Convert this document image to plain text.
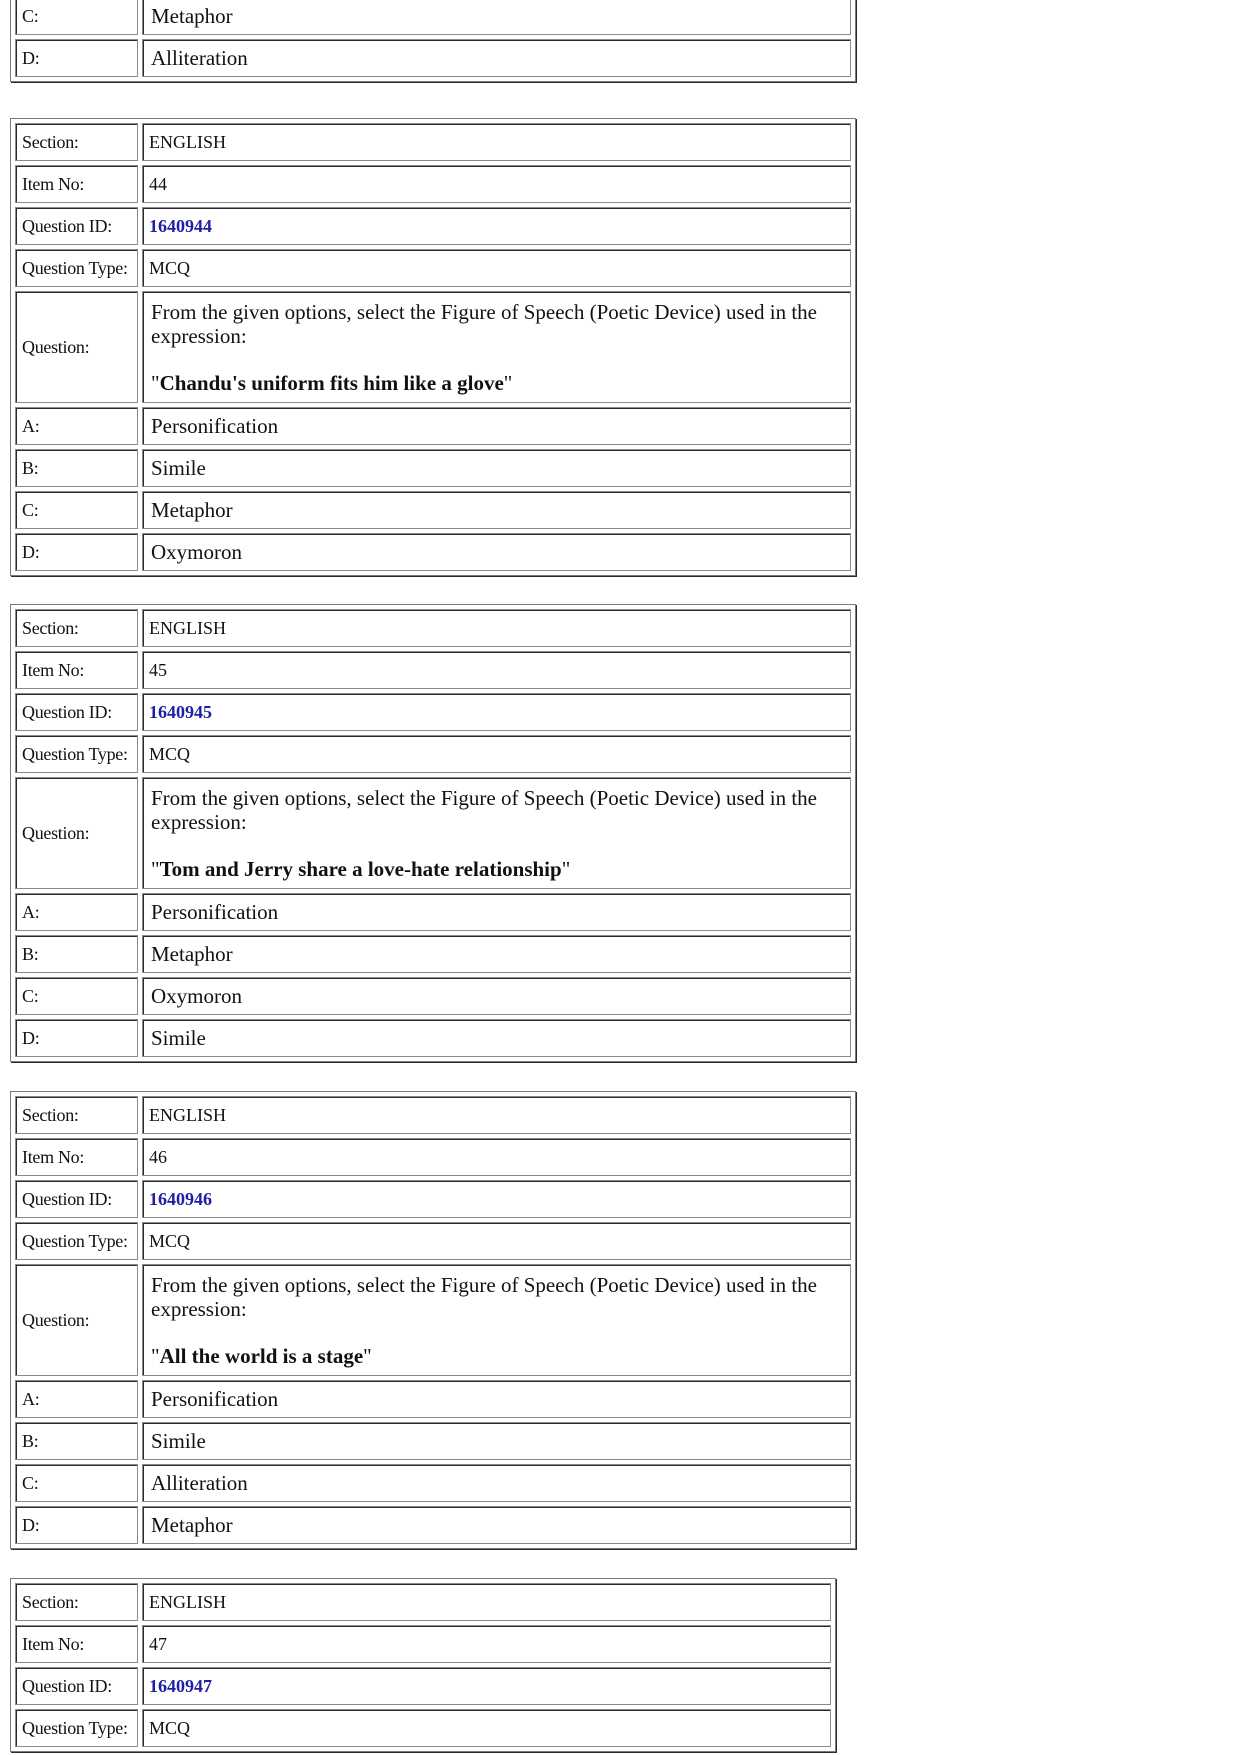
C:	Metaphor
D:	Alliteration
Section:	ENGLISH
Item No:	44
Question ID:	1640944
Question Type:	MCQ
Question:	From the given options, select the Figure of Speech (Poetic Device) used in the expression:
"Chandu's uniform fits him like a glove"

A:	Personification
B:	Simile
C:	Metaphor
D:	Oxymoron
Section:	ENGLISH
Item No:	45
Question ID:	1640945
Question Type:	MCQ
Question:	From the given options, select the Figure of Speech (Poetic Device) used in the expression:
"Tom and Jerry share a love-hate relationship"

A:	Personification
B:	Metaphor
C:	Oxymoron
D:	Simile
Section:	ENGLISH
Item No:	46
Question ID:	1640946
Question Type:	MCQ
Question:	From the given options, select the Figure of Speech (Poetic Device) used in the expression:
"All the world is a stage"

A:	Personification
B:	Simile
C:	Alliteration
D:	Metaphor
Section:	ENGLISH
Item No:	47
Question ID:	1640947
Question Type:	MCQ
